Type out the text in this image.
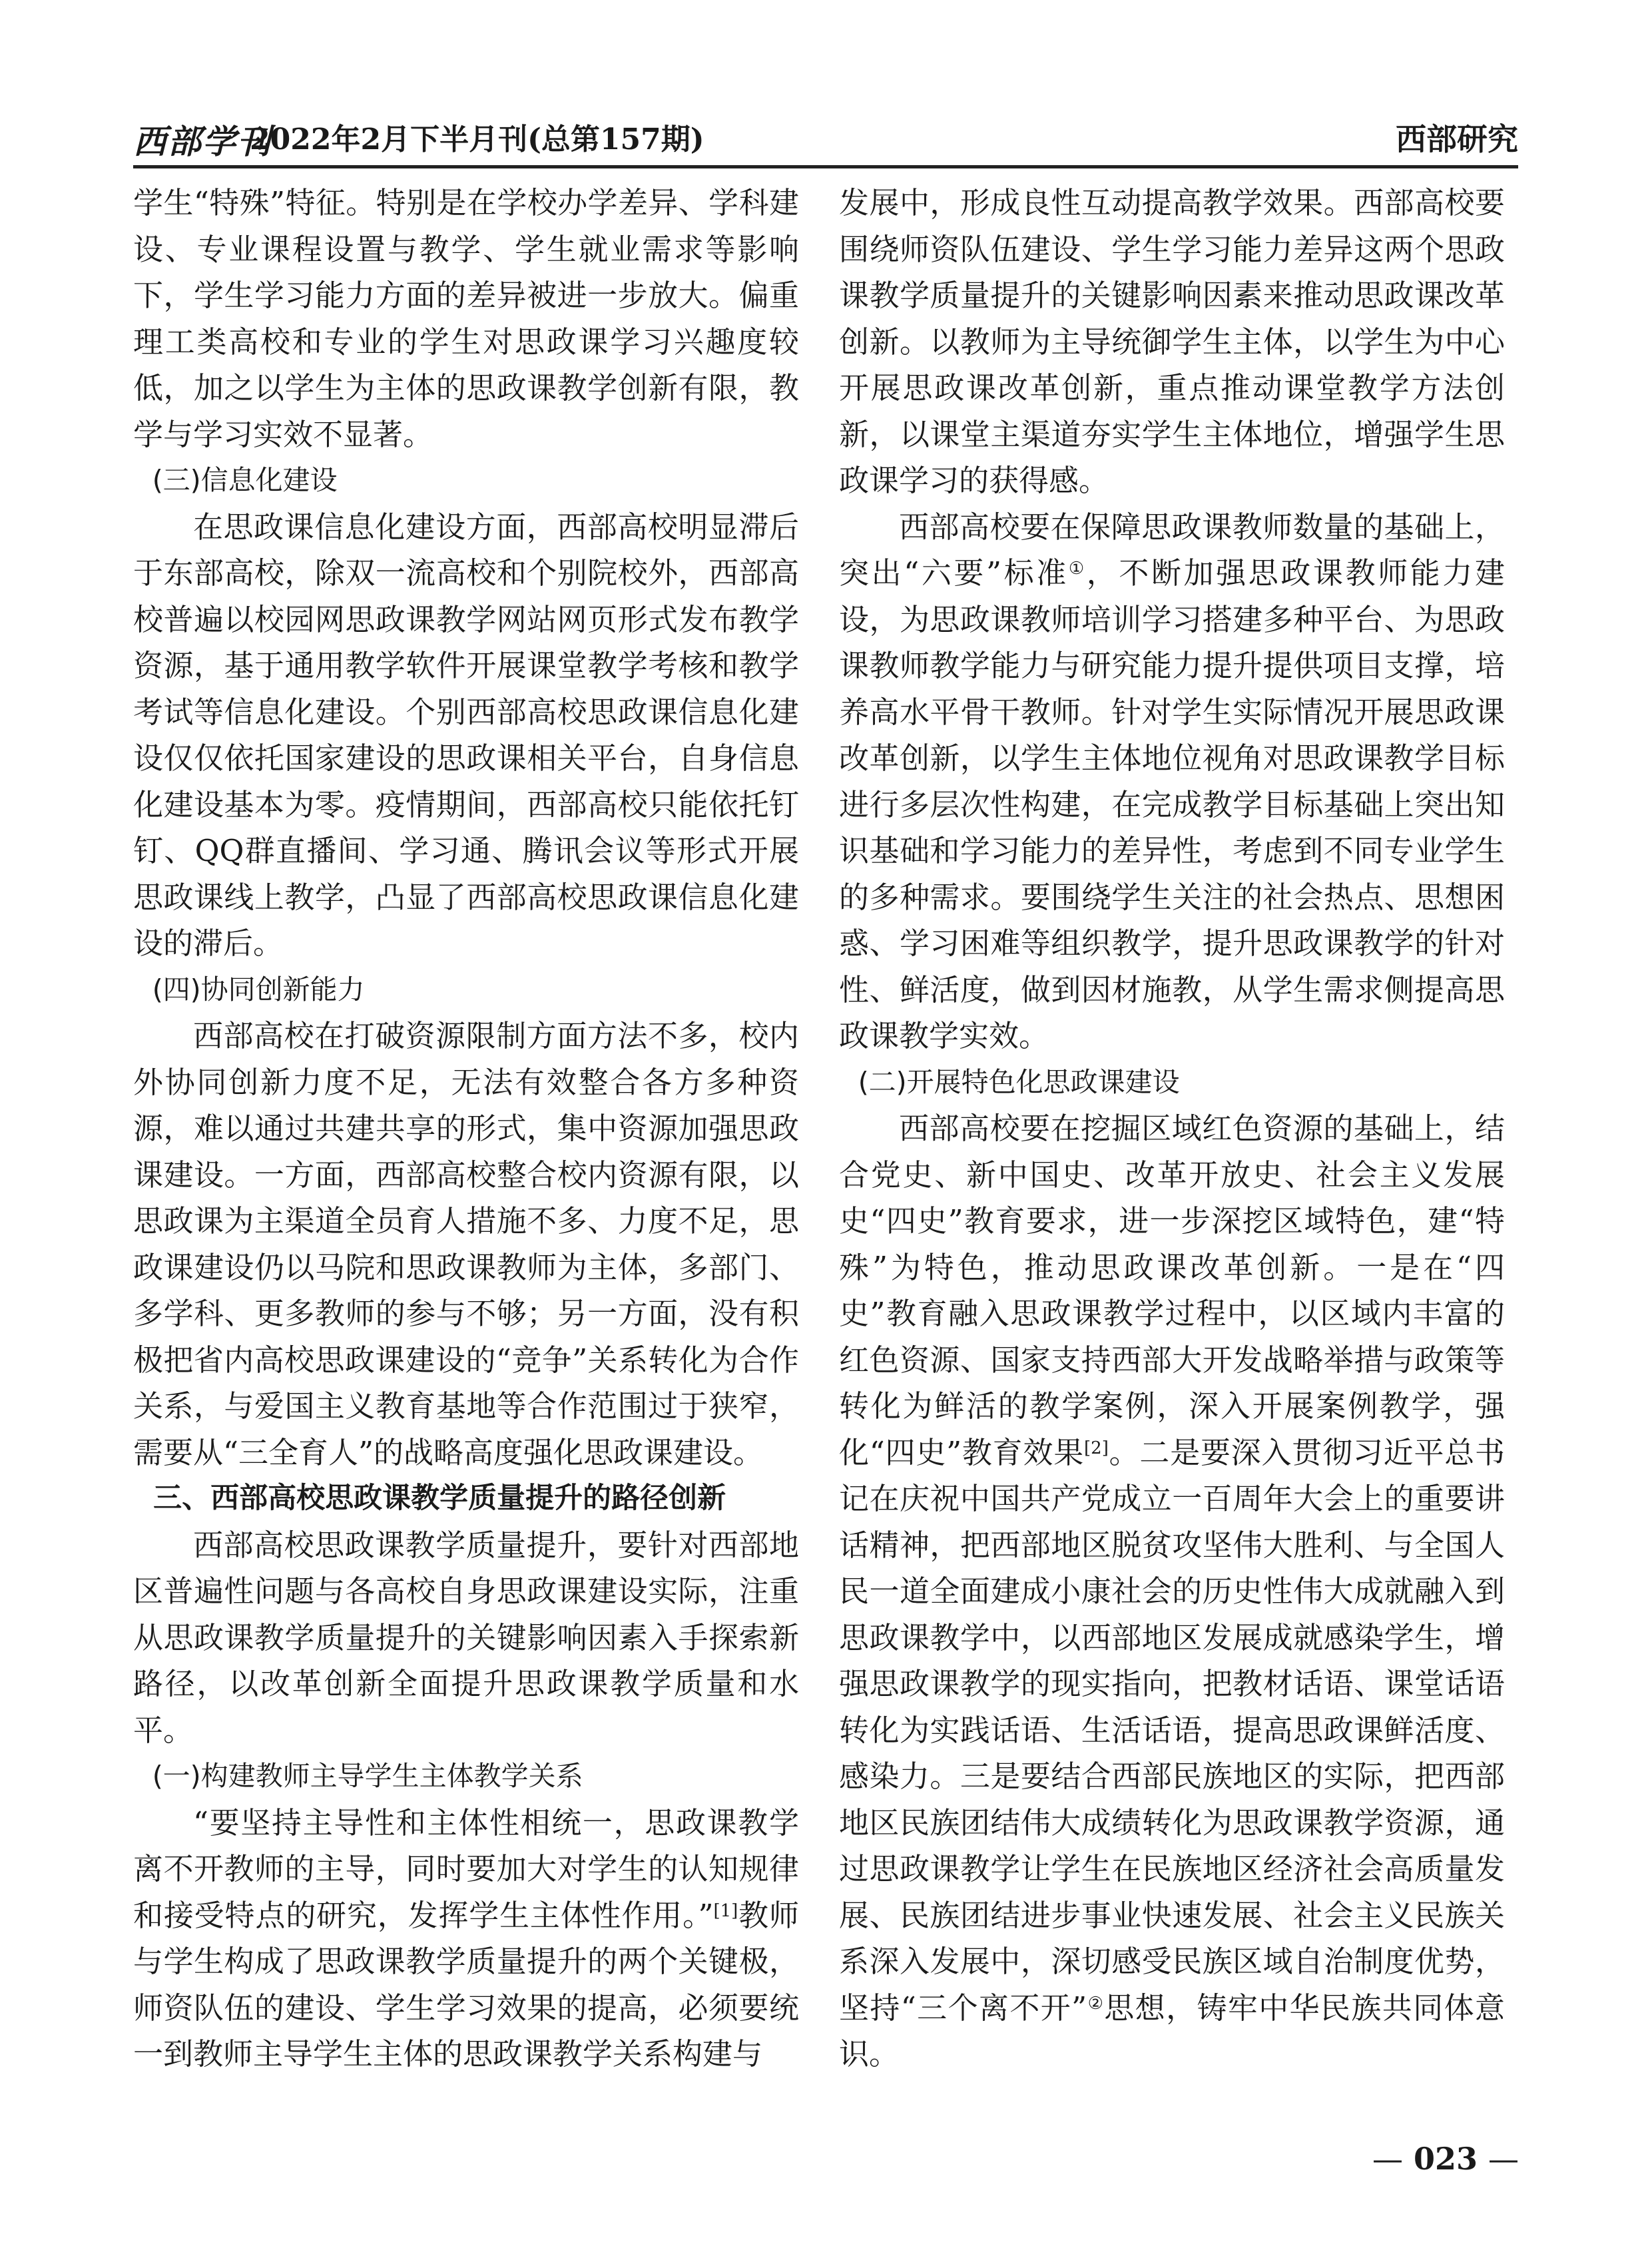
西部学刊
2022年2月下半月刊(总第157期)	西部研究

学生“特殊”特征。特别是在学校办学差异、学科建设、专业课程设置与教学、学生就业需求等影响下，学生学习能力方面的差异被进一步放大。偏重理工类高校和专业的学生对思政课学习兴趣度较低，加之以学生为主体的思政课教学创新有限，教学与学习实效不显著。

(三)信息化建设

在思政课信息化建设方面，西部高校明显滞后于东部高校，除双一流高校和个别院校外，西部高校普遍以校园网思政课教学网站网页形式发布教学资源，基于通用教学软件开展课堂教学考核和教学考试等信息化建设。个别西部高校思政课信息化建设仅仅依托国家建设的思政课相关平台，自身信息化建设基本为零。疫情期间，西部高校只能依托钉钉、QQ群直播间、学习通、腾讯会议等形式开展思政课线上教学，凸显了西部高校思政课信息化建设的滞后。

(四)协同创新能力

西部高校在打破资源限制方面方法不多，校内外协同创新力度不足，无法有效整合各方多种资源，难以通过共建共享的形式，集中资源加强思政课建设。一方面，西部高校整合校内资源有限，以思政课为主渠道全员育人措施不多、力度不足，思政课建设仍以马院和思政课教师为主体，多部门、多学科、更多教师的参与不够；另一方面，没有积极把省内高校思政课建设的“竞争”关系转化为合作关系，与爱国主义教育基地等合作范围过于狭窄，需要从“三全育人”的战略高度强化思政课建设。

三、西部高校思政课教学质量提升的路径创新

西部高校思政课教学质量提升，要针对西部地区普遍性问题与各高校自身思政课建设实际，注重从思政课教学质量提升的关键影响因素入手探索新路径，以改革创新全面提升思政课教学质量和水平。

(一)构建教师主导学生主体教学关系

“要坚持主导性和主体性相统一，思政课教学离不开教师的主导，同时要加大对学生的认知规律和接受特点的研究，发挥学生主体性作用。”[1]教师与学生构成了思政课教学质量提升的两个关键极，师资队伍的建设、学生学习效果的提高，必须要统一到教师主导学生主体的思政课教学关系构建与

发展中，形成良性互动提高教学效果。西部高校要围绕师资队伍建设、学生学习能力差异这两个思政课教学质量提升的关键影响因素来推动思政课改革创新。以教师为主导统御学生主体，以学生为中心开展思政课改革创新，重点推动课堂教学方法创新，以课堂主渠道夯实学生主体地位，增强学生思政课学习的获得感。

西部高校要在保障思政课教师数量的基础上，突出“六要”标准①，不断加强思政课教师能力建设，为思政课教师培训学习搭建多种平台、为思政课教师教学能力与研究能力提升提供项目支撑，培养高水平骨干教师。针对学生实际情况开展思政课改革创新，以学生主体地位视角对思政课教学目标进行多层次性构建，在完成教学目标基础上突出知识基础和学习能力的差异性，考虑到不同专业学生的多种需求。要围绕学生关注的社会热点、思想困惑、学习困难等组织教学，提升思政课教学的针对性、鲜活度，做到因材施教，从学生需求侧提高思政课教学实效。

(二)开展特色化思政课建设

西部高校要在挖掘区域红色资源的基础上，结合党史、新中国史、改革开放史、社会主义发展史“四史”教育要求，进一步深挖区域特色，建“特殊”为特色，推动思政课改革创新。一是在“四史”教育融入思政课教学过程中，以区域内丰富的红色资源、国家支持西部大开发战略举措与政策等转化为鲜活的教学案例，深入开展案例教学，强化“四史”教育效果[2]。二是要深入贯彻习近平总书记在庆祝中国共产党成立一百周年大会上的重要讲话精神，把西部地区脱贫攻坚伟大胜利、与全国人民一道全面建成小康社会的历史性伟大成就融入到思政课教学中，以西部地区发展成就感染学生，增强思政课教学的现实指向，把教材话语、课堂话语转化为实践话语、生活话语，提高思政课鲜活度、感染力。三是要结合西部民族地区的实际，把西部地区民族团结伟大成绩转化为思政课教学资源，通过思政课教学让学生在民族地区经济社会高质量发展、民族团结进步事业快速发展、社会主义民族关系深入发展中，深切感受民族区域自治制度优势，坚持“三个离不开”②思想，铸牢中华民族共同体意识。

— 023 —
